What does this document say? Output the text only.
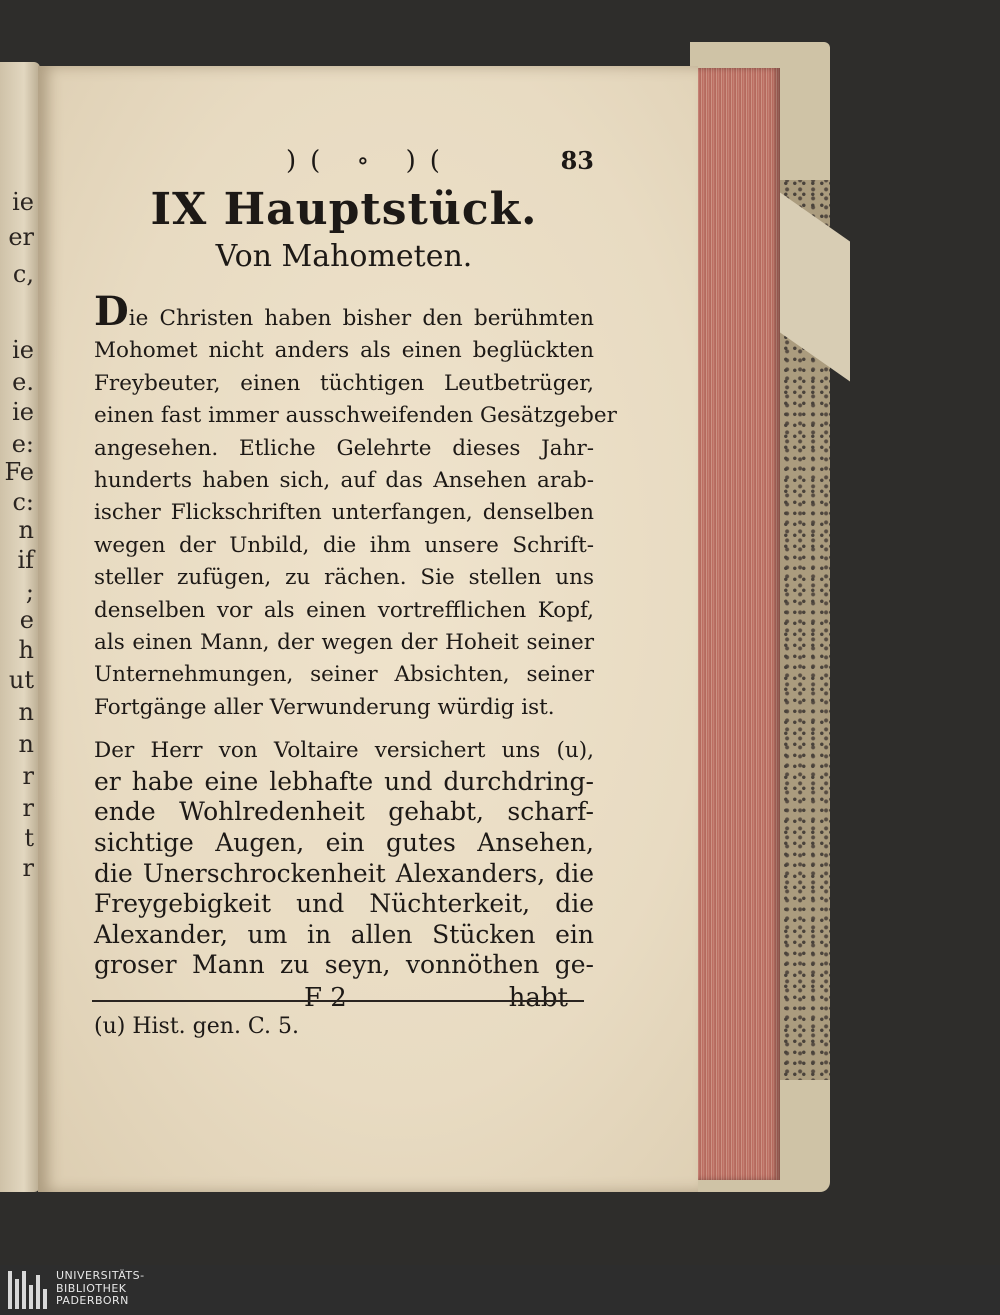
ie
er
c,
ie
e.
ie
e:
Fe
c:
n
if
;
e
h
ut
n
n
r
r
t
r
)( ∘ )(	83
IX Hauptstück.
Von Mahometen.
Die Christen haben bisher den berühmten
Mohomet nicht anders als einen beglückten
Freybeuter, einen tüchtigen Leutbetrüger,
einen fast immer ausschweifenden Gesätzgeber
angesehen. Etliche Gelehrte dieses Jahr-
hunderts haben sich, auf das Ansehen arab-
ischer Flickschriften unterfangen, denselben
wegen der Unbild, die ihm unsere Schrift-
steller zufügen, zu rächen. Sie stellen uns
denselben vor als einen vortrefflichen Kopf,
als einen Mann, der wegen der Hoheit seiner
Unternehmungen, seiner Absichten, seiner
Fortgänge aller Verwunderung würdig ist.
Der Herr von Voltaire versichert uns (u),
er habe eine lebhafte und durchdring-
ende Wohlredenheit gehabt, scharf-
sichtige Augen, ein gutes Ansehen,
die Unerschrockenheit Alexanders, die
Freygebigkeit und Nüchterkeit, die
Alexander, um in allen Stücken ein
groser Mann zu seyn, vonnöthen ge-
F 2	habt
(u) Hist. gen. C. 5.
UNIVERSITÄTS-
BIBLIOTHEK
PADERBORN
